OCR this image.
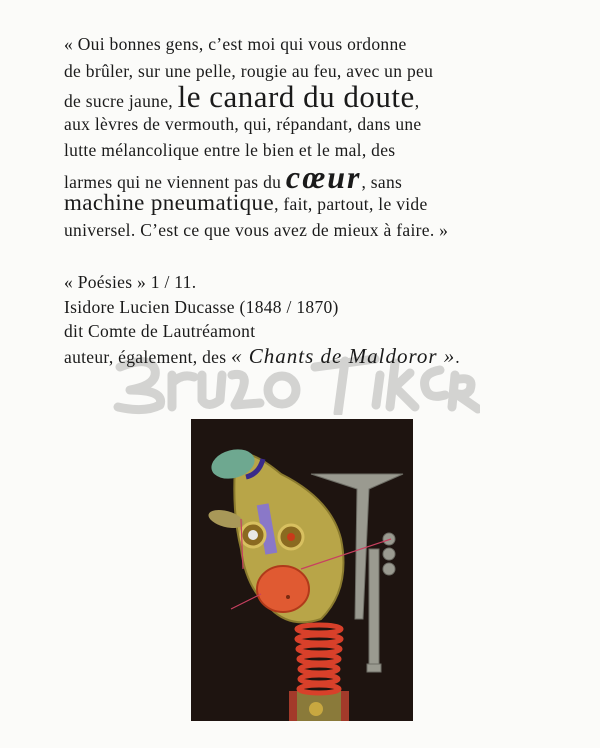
« Oui bonnes gens, c’est moi qui vous ordonne
de brûler, sur une pelle, rougie au feu, avec un peu
de sucre jaune, le canard du doute,
aux lèvres de vermouth, qui, répandant, dans une
lutte mélancolique entre le bien et le mal, des
larmes qui ne viennent pas du cœur, sans
machine pneumatique, fait, partout, le vide
universel. C’est ce que vous avez de mieux à faire. »
« Poésies » 1 / 11.
Isidore Lucien Ducasse (1848 / 1870)
dit Comte de Lautréamont
auteur, également, des « Chants de Maldoror ».
